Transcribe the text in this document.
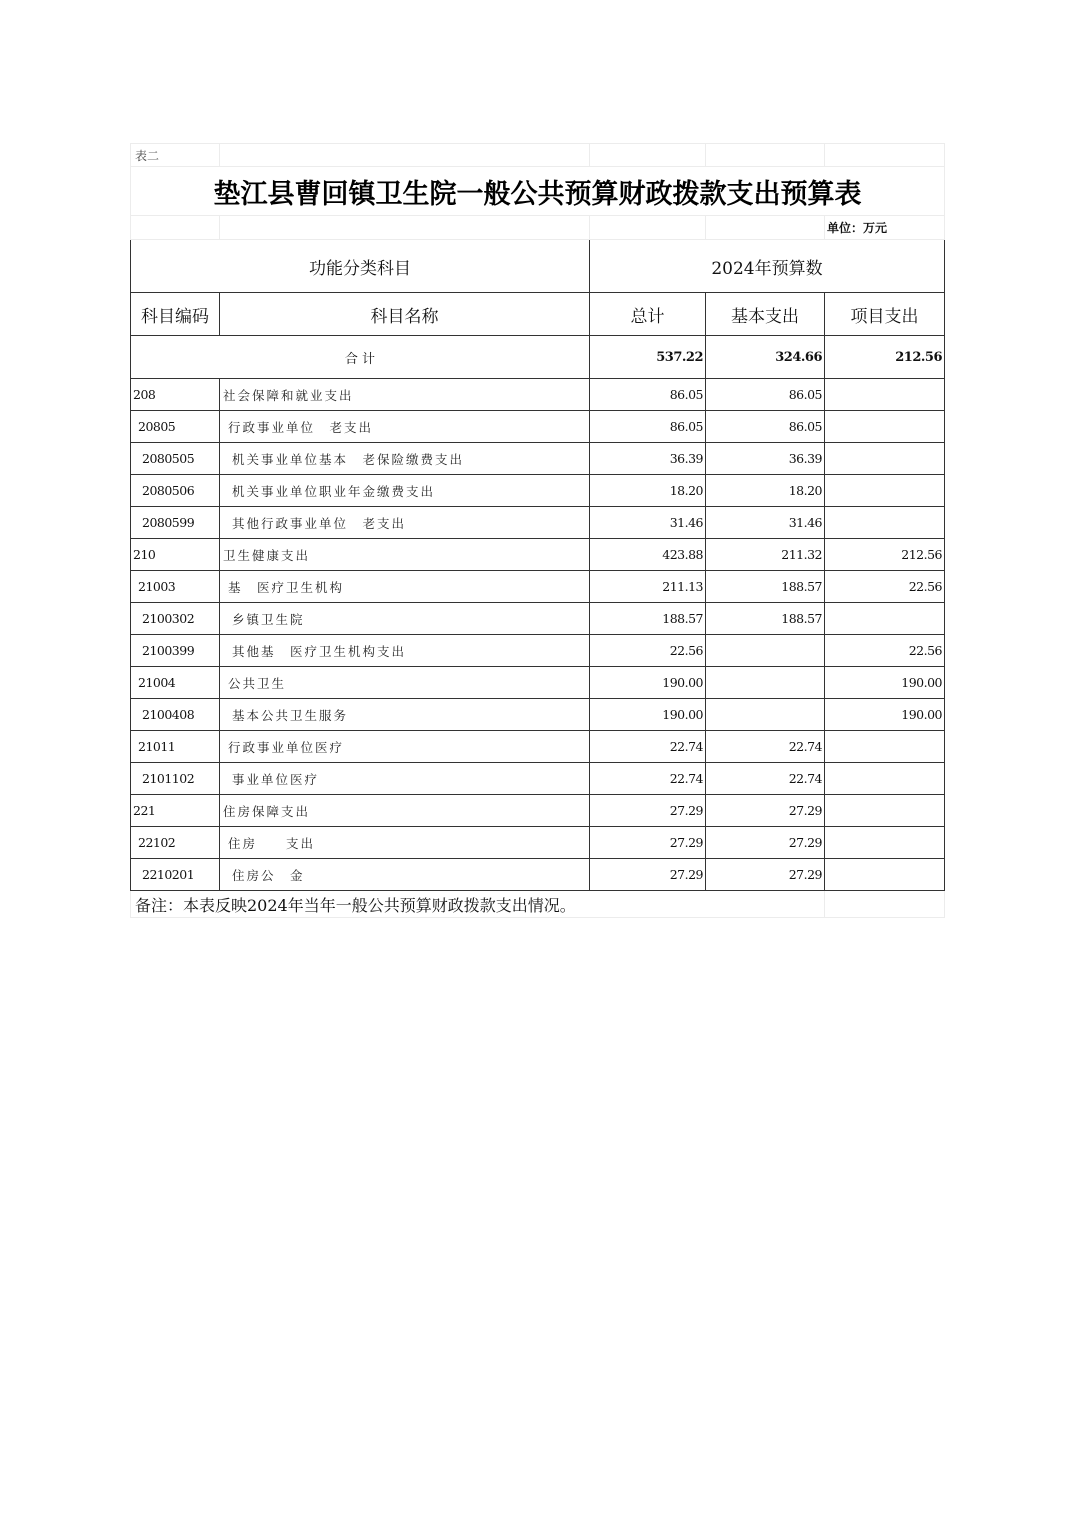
表二				
垫江县曹回镇卫生院一般公共预算财政拨款支出预算表				
				单位：万元
功能分类科目		2024年预算数		
科目编码	科目名称	总计	基本支出	项目支出
合 计		537.22	324.66	212.56
208	社会保障和就业支出	86.05	86.05	
20805	行政事业单位　老支出	86.05	86.05	
2080505	机关事业单位基本　老保险缴费支出	36.39	36.39	
2080506	机关事业单位职业年金缴费支出	18.20	18.20	
2080599	其他行政事业单位　老支出	31.46	31.46	
210	卫生健康支出	423.88	211.32	212.56
21003	基　医疗卫生机构	211.13	188.57	22.56
2100302	乡镇卫生院	188.57	188.57	
2100399	其他基　医疗卫生机构支出	22.56		22.56
21004	公共卫生	190.00		190.00
2100408	基本公共卫生服务	190.00		190.00
21011	行政事业单位医疗	22.74	22.74	
2101102	事业单位医疗	22.74	22.74	
221	住房保障支出	27.29	27.29	
22102	住房　　支出	27.29	27.29	
2210201	住房公　金	27.29	27.29	
备注：本表反映2024年当年一般公共预算财政拨款支出情况。				
